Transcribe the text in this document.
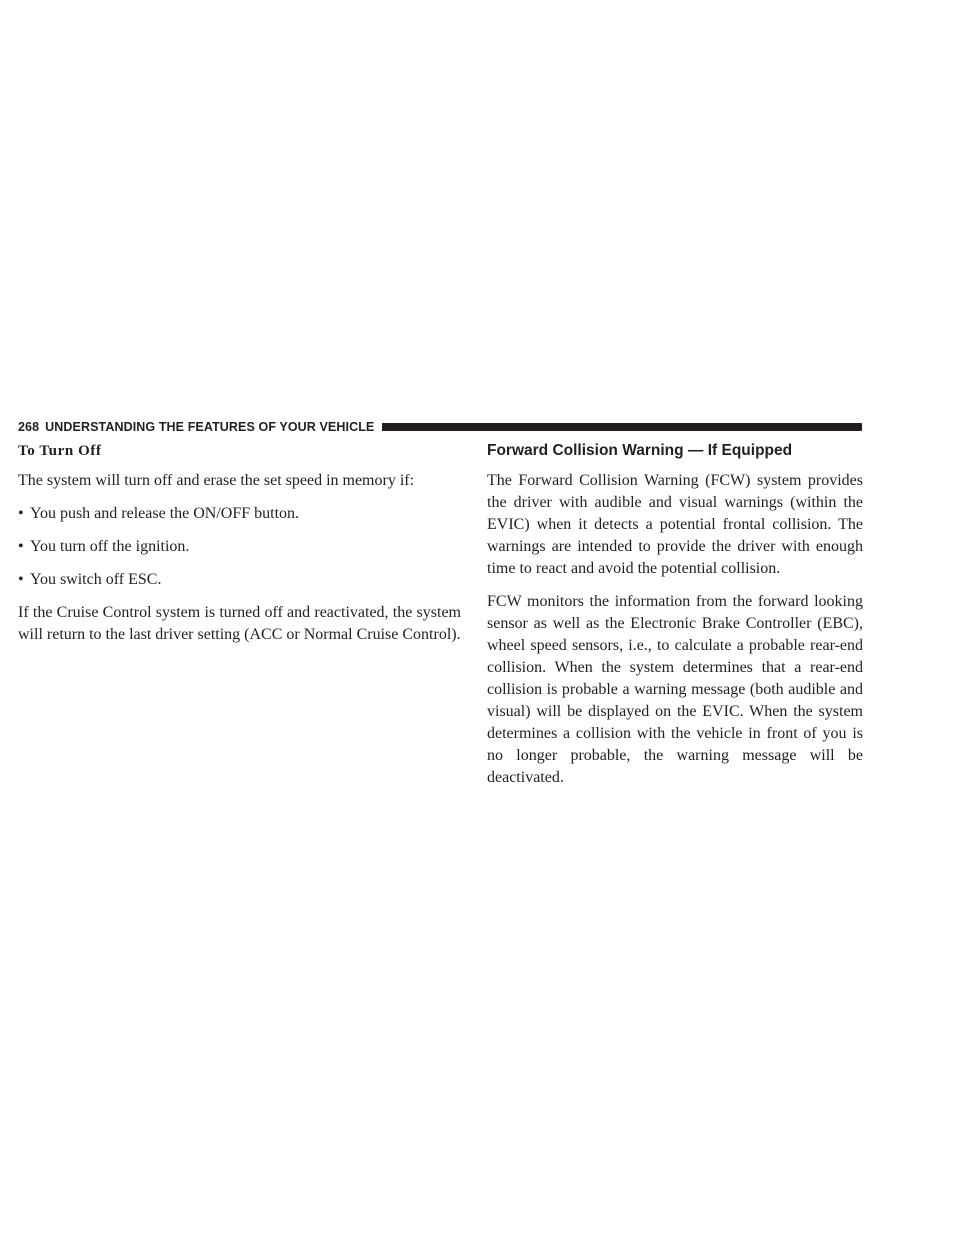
268 UNDERSTANDING THE FEATURES OF YOUR VEHICLE
To Turn Off

The system will turn off and erase the set speed in memory if:

• You push and release the ON/OFF button.
• You turn off the ignition.
• You switch off ESC.

If the Cruise Control system is turned off and reactivated, the system will return to the last driver setting (ACC or Normal Cruise Control).

Forward Collision Warning — If Equipped

The Forward Collision Warning (FCW) system provides the driver with audible and visual warnings (within the EVIC) when it detects a potential frontal collision. The warnings are intended to provide the driver with enough time to react and avoid the potential collision.

FCW monitors the information from the forward looking sensor as well as the Electronic Brake Controller (EBC), wheel speed sensors, i.e., to calculate a probable rear-end collision. When the system determines that a rear-end collision is probable a warning message (both audible and visual) will be displayed on the EVIC. When the system determines a collision with the vehicle in front of you is no longer probable, the warning message will be deactivated.
